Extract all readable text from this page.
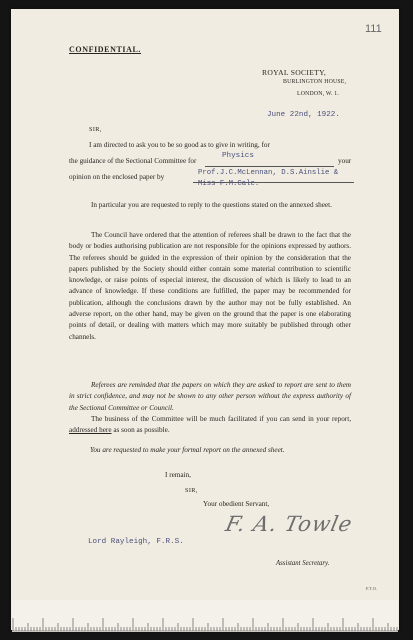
111
CONFIDENTIAL.
ROYAL SOCIETY,
BURLINGTON HOUSE,
LONDON, W. 1.
June 22nd, 1922.
SIR,
I am directed to ask you to be so good as to give in writing, for
the guidance of the Sectional Committee for
Physics
your
opinion on the enclosed paper by	Prof.J.C.McLennan, D.S.Ainslie &
Miss F.M.Cale.
In particular you are requested to reply to the questions stated on the annexed sheet.
The Council have ordered that the attention of referees shall be drawn to the fact that the body or bodies authorising publication are not responsible for the opinions expressed by authors. The referees should be guided in the expression of their opinion by the consideration that the papers published by the Society should either contain some material contribution to scientific knowledge, or raise points of especial interest, the discussion of which is likely to lead to an advance of knowledge. If these conditions are fulfilled, the paper may be recommended for publication, although the conclusions drawn by the author may not be fully established. An adverse report, on the other hand, may be given on the ground that the paper is one elaborating points of detail, or dealing with matters which may more suitably be published through other channels.
Referees are reminded that the papers on which they are asked to report are sent to them in strict confidence, and may not be shown to any other person without the express authority of the Sectional Committee or Council.
The business of the Committee will be much facilitated if you can send in your report, addressed here as soon as possible.
You are requested to make your formal report on the annexed sheet.
I remain,
SIR,
Your obedient Servant,
F. A. Towle
Lord Rayleigh, F.R.S.
Assistant Secretary.
F.T.O.
